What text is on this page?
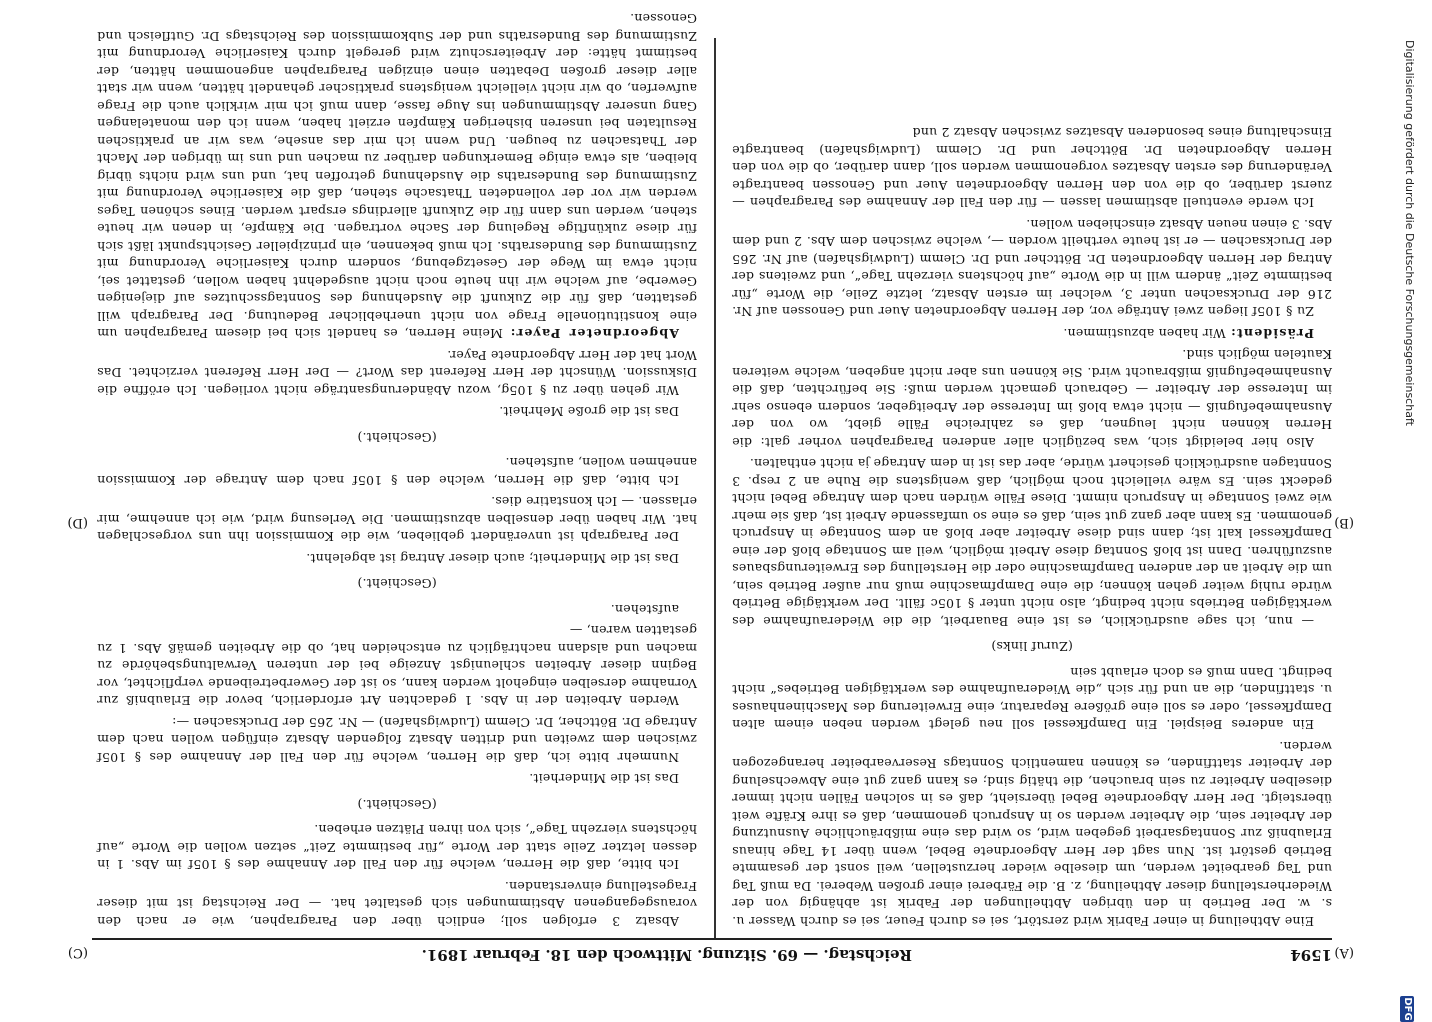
1594
Reichstag. — 69. Sitzung. Mittwoch den 18. Februar 1891.	(A)
(B)
(C)
(D)

Eine Abtheilung in einer Fabrik wird zerstört, sei es durch Feuer, sei es durch Wasser u. s. w. Der Betrieb in den übrigen Abtheilungen der Fabrik ist abhängig von der Wiederherstellung dieser Abtheilung, z. B. die Färberei einer großen Weberei. Da muß Tag und Tag gearbeitet werden, um dieselbe wieder herzustellen, weil sonst der gesammte Betrieb gestört ist. Nun sagt der Herr Abgeordnete Bebel, wenn über 14 Tage hinaus Erlaubniß zur Sonntagsarbeit gegeben wird, so wird das eine mißbräuchliche Ausnutzung der Arbeiter sein, die Arbeiter werden so in Anspruch genommen, daß es ihre Kräfte weit übersteigt. Der Herr Abgeordnete Bebel übersieht, daß es in solchen Fällen nicht immer dieselben Arbeiter zu sein brauchen, die thätig sind; es kann ganz gut eine Abwechselung der Arbeiter stattfinden, es können namentlich Sonntags Reservearbeiter herangezogen werden.

Ein anderes Beispiel. Ein Dampfkessel soll neu gelegt werden neben einem alten Dampfkessel, oder es soll eine größere Reparatur, eine Erweiterung des Maschinenhauses u. stattfinden, die an und für sich „die Wiederaufnahme des werktägigen Betriebes“ nicht bedingt. Dann muß es doch erlaubt sein

(Zuruf links)

— nun, ich sage ausdrücklich, es ist eine Bauarbeit, die die Wiederaufnahme des werktägigen Betriebs nicht bedingt, also nicht unter § 105c fällt. Der werktägige Betrieb würde ruhig weiter gehen können; die eine Dampfmaschine muß nur außer Betrieb sein, um die Arbeit an der anderen Dampfmaschine oder die Herstellung des Erweiterungsbaues auszuführen. Dann ist bloß Sonntag diese Arbeit möglich, weil am Sonntage bloß der eine Dampfkessel kalt ist; dann sind diese Arbeiter aber bloß an dem Sonntage in Anspruch genommen. Es kann aber ganz gut sein, daß es eine so umfassende Arbeit ist, daß sie mehr wie zwei Sonntage in Anspruch nimmt. Diese Fälle würden nach dem Antrage Bebel nicht gedeckt sein. Es wäre vielleicht noch möglich, daß wenigstens die Ruhe an 2 resp. 3 Sonntagen ausdrücklich gesichert würde, aber das ist in dem Antrage ja nicht enthalten.

Also hier beleidigt sich, was bezüglich aller anderen Paragraphen vorher galt: die Herren können nicht leugnen, daß es zahlreiche Fälle giebt, wo von der Ausnahmebefugniß — nicht etwa bloß im Interesse der Arbeitgeber, sondern ebenso sehr im Interesse der Arbeiter — Gebrauch gemacht werden muß: Sie befürchten, daß die Ausnahmebefugniß mißbraucht wird. Sie können uns aber nicht angeben, welche weiteren Kautelen möglich sind.

Präsident: Wir haben abzustimmen.

Zu § 105f liegen zwei Anträge vor, der Herren Abgeordneten Auer und Genossen auf Nr. 216 der Drucksachen unter 3, welcher im ersten Absatz, letzte Zeile, die Worte „für bestimmte Zeit“ ändern will in die Worte „auf höchstens vierzehn Tage“, und zweitens der Antrag der Herren Abgeordneten Dr. Böttcher und Dr. Clemm (Ludwigshafen) auf Nr. 265 der Drucksachen — er ist heute vertheilt worden —, welche zwischen dem Abs. 2 und dem Abs. 3 einen neuen Absatz einschieben wollen.

Ich werde eventuell abstimmen lassen — für den Fall der Annahme des Paragraphen — zuerst darüber, ob die von den Herren Abgeordneten Auer und Genossen beantragte Veränderung des ersten Absatzes vorgenommen werden soll, dann darüber, ob die von den Herren Abgeordneten Dr. Böttcher und Dr. Clemm (Ludwigshafen) beantragte Einschaltung eines besonderen Absatzes zwischen Absatz 2 und

Absatz 3 erfolgen soll; endlich über den Paragraphen, wie er nach den vorausgegangenen Abstimmungen sich gestaltet hat. — Der Reichstag ist mit dieser Fragestellung einverstanden.

Ich bitte, daß die Herren, welche für den Fall der Annahme des § 105f im Abs. 1 in dessen letzter Zeile statt der Worte „für bestimmte Zeit“ setzen wollen die Worte „auf höchstens vierzehn Tage“, sich von ihren Plätzen erheben.

(Geschieht.)

Das ist die Minderheit.

Nunmehr bitte ich, daß die Herren, welche für den Fall der Annahme des § 105f zwischen dem zweiten und dritten Absatz folgenden Absatz einfügen wollen nach dem Antrage Dr. Böttcher, Dr. Clemm (Ludwigshafen) — Nr. 265 der Drucksachen —:

Werden Arbeiten der in Abs. 1 gedachten Art erforderlich, bevor die Erlaubniß zur Vornahme derselben eingeholt werden kann, so ist der Gewerbetreibende verpflichtet, vor Beginn dieser Arbeiten schleunigst Anzeige bei der unteren Verwaltungsbehörde zu machen und alsdann nachträglich zu entscheiden hat, ob die Arbeiten gemäß Abs. 1 zu gestatten waren, —

aufstehen.

(Geschieht.)

Das ist die Minderheit; auch dieser Antrag ist abgelehnt.

Der Paragraph ist unverändert geblieben, wie die Kommission ihn uns vorgeschlagen hat. Wir haben über denselben abzustimmen. Die Verlesung wird, wie ich annehme, mir erlassen. — Ich konstatire dies.

Ich bitte, daß die Herren, welche den § 105f nach dem Antrage der Kommission annehmen wollen, aufstehen.

(Geschieht.)

Das ist die große Mehrheit.

Wir gehen über zu § 105g, wozu Abänderungsanträge nicht vorliegen. Ich eröffne die Diskussion. Wünscht der Herr Referent das Wort? — Der Herr Referent verzichtet. Das Wort hat der Herr Abgeordnete Payer.

Abgeordneter Payer: Meine Herren, es handelt sich bei diesem Paragraphen um eine konstitutionelle Frage von nicht unerheblicher Bedeutung. Der Paragraph will gestatten, daß für die Zukunft die Ausdehnung des Sonntagsschutzes auf diejenigen Gewerbe, auf welche wir ihn heute noch nicht ausgedehnt haben wollen, gestattet sei, nicht etwa im Wege der Gesetzgebung, sondern durch Kaiserliche Verordnung mit Zustimmung des Bundesraths. Ich muß bekennen, ein prinzipieller Gesichtspunkt läßt sich für diese zukünftige Regelung der Sache vortragen. Die Kämpfe, in denen wir heute stehen, werden uns dann für die Zukunft allerdings erspart werden. Eines schönen Tages werden wir vor der vollendeten Thatsache stehen, daß die Kaiserliche Verordnung mit Zustimmung des Bundesraths die Ausdehnung getroffen hat, und uns wird nichts übrig bleiben, als etwa einige Bemerkungen darüber zu machen und uns im übrigen der Macht der Thatsachen zu beugen. Und wenn ich mir das ansehe, was wir an praktischen Resultaten bei unseren bisherigen Kämpfen erzielt haben, wenn ich den monatelangen Gang unserer Abstimmungen ins Auge fasse, dann muß ich mir wirklich auch die Frage aufwerfen, ob wir nicht vielleicht wenigstens praktischer gehandelt hätten, wenn wir statt aller dieser großen Debatten einen einzigen Paragraphen angenommen hätten, der bestimmt hätte: der Arbeiterschutz wird geregelt durch Kaiserliche Verordnung mit Zustimmung des Bundesraths und der Subkommission des Reichstags Dr. Gutfleisch und Genossen.

Digitalisierung gefördert durch die Deutsche Forschungsgemeinschaft
DFG
